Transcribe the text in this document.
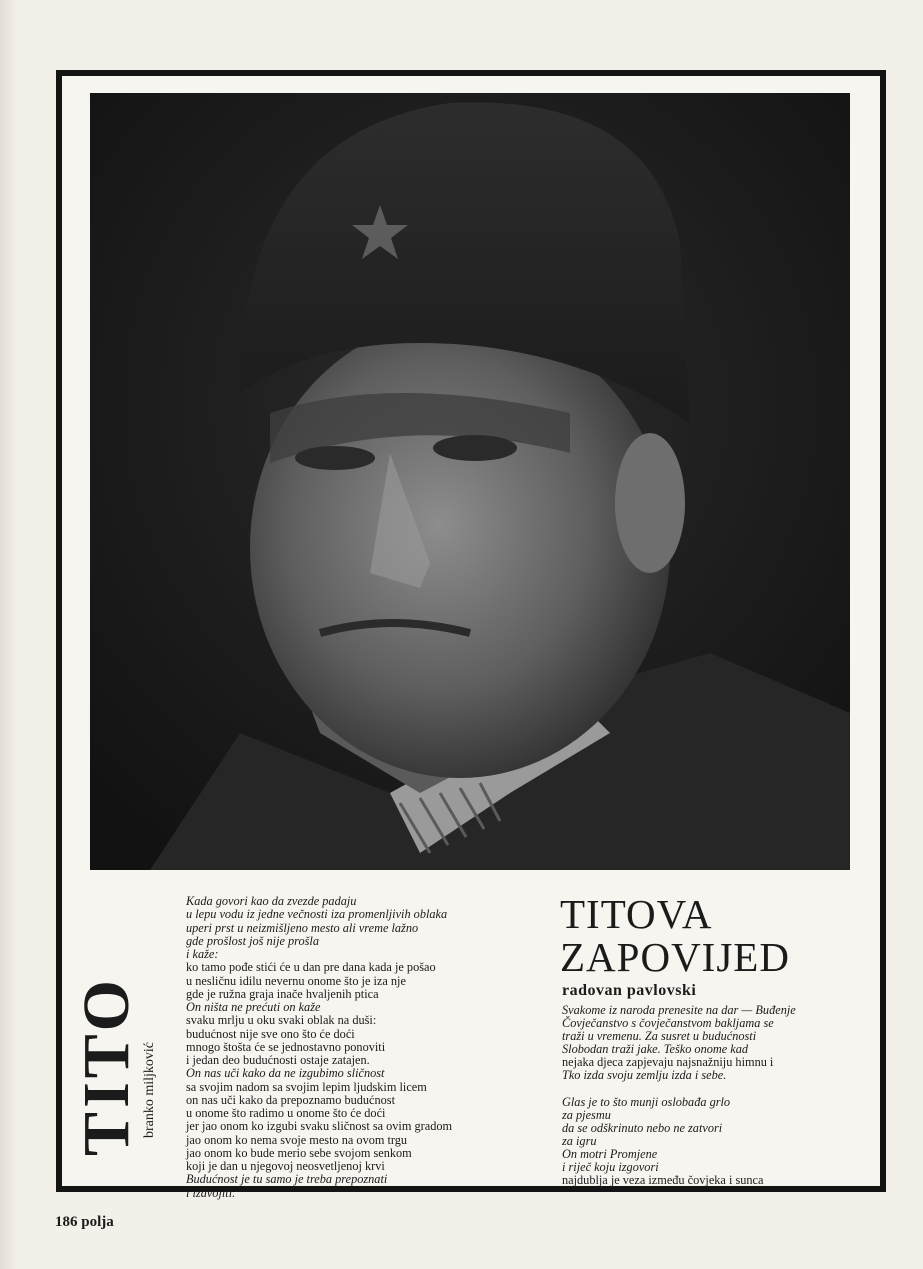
TITO branko miljković
Kada govori kao da zvezde padaju
u lepu vodu iz jedne večnosti iza promenljivih oblaka
uperi prst u neizmišljeno mesto ali vreme lažno
gde prošlost još nije prošla
i kaže:
ko tamo pođe stići će u dan pre dana kada je pošao
u nesličnu idilu nevernu onome što je iza nje
gde je ružna graja inače hvaljenih ptica
On ništa ne prećuti on kaže
svaku mrlju u oku svaki oblak na duši:
budućnost nije sve ono što će doći
mnogo štošta će se jednostavno ponoviti
i jedan deo budućnosti ostaje zatajen.
On nas uči kako da ne izgubimo sličnost
sa svojim nadom sa svojim lepim ljudskim licem
on nas uči kako da prepoznamo budućnost
u onome što radimo u onome što će doći
jer jao onom ko izgubi svaku sličnost sa ovim gradom
jao onom ko nema svoje mesto na ovom trgu
jao onom ko bude merio sebe svojom senkom
koji je dan u njegovoj neosvetljenoj krvi
Budućnost je tu samo je treba prepoznati
i izdvojiti.
TITOVA
ZAPOVIJED
radovan pavlovski
Svakome iz naroda prenesite na dar — Buđenje
Čovječanstvo s čovječanstvom bakljama se
traži u vremenu. Za susret u budućnosti
Slobodan traži jake. Teško onome kad
nejaka djeca zapjevaju najsnažniju himnu i
Tko izda svoju zemlju izda i sebe.
Glas je to što munji oslobađa grlo
za pjesmu
da se odškrinuto nebo ne zatvori
za igru
On motri Promjene
i riječ koju izgovori
najdublja je veza između čovjeka i sunca
186 polja
